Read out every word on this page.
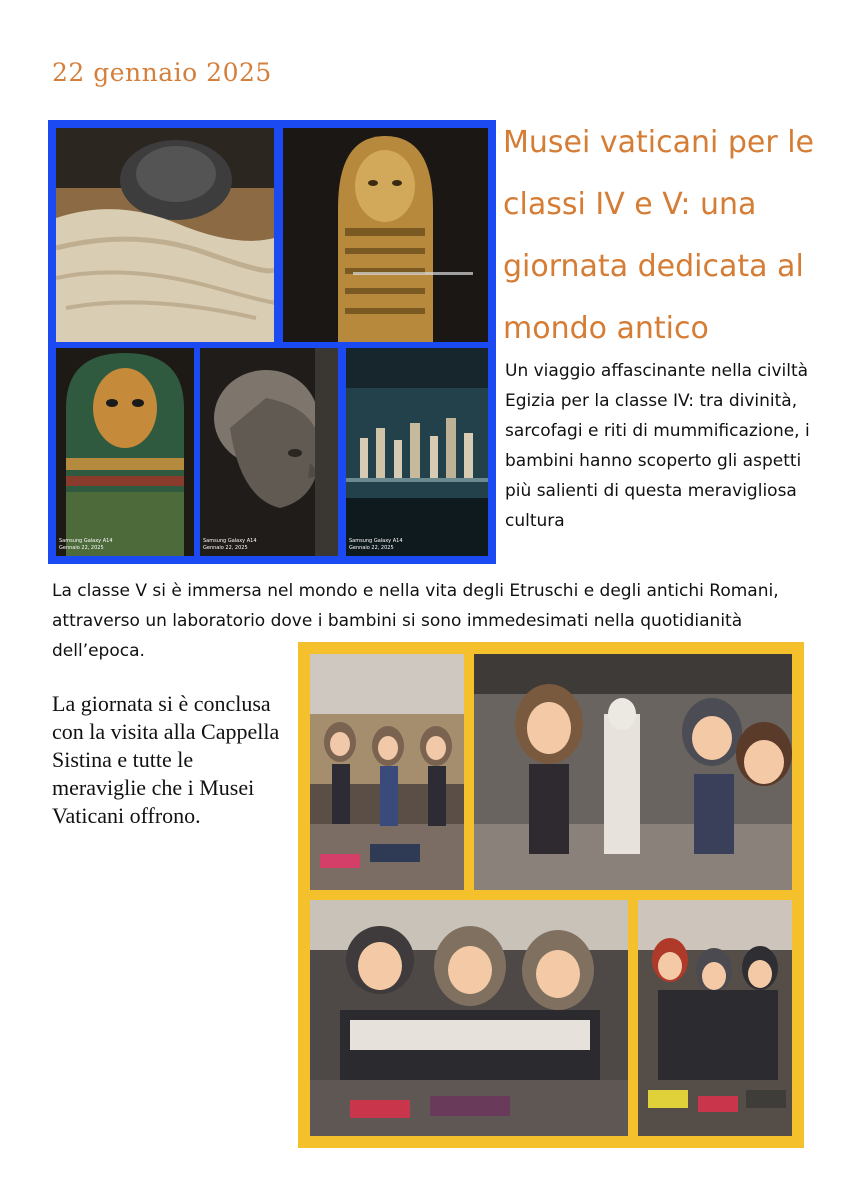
22 gennaio 2025
Samsung Galaxy A14
Gennaio 22, 2025
Samsung Galaxy A14
Gennaio 22, 2025
Samsung Galaxy A14
Gennaio 22, 2025
Musei vaticani per le classi IV e V: una giornata dedicata al mondo antico
Un viaggio affascinante nella civiltà Egizia per la classe IV: tra divinità, sarcofagi e riti di mummificazione, i bambini hanno scoperto gli aspetti più salienti di questa meravigliosa cultura
La classe V si è immersa nel mondo e nella vita degli Etruschi e degli antichi Romani, attraverso un laboratorio dove i bambini si sono immedesimati nella quotidianità dell’epoca.
La giornata si è conclusa con la visita alla Cappella Sistina e tutte le meraviglie che i Musei Vaticani offrono.
